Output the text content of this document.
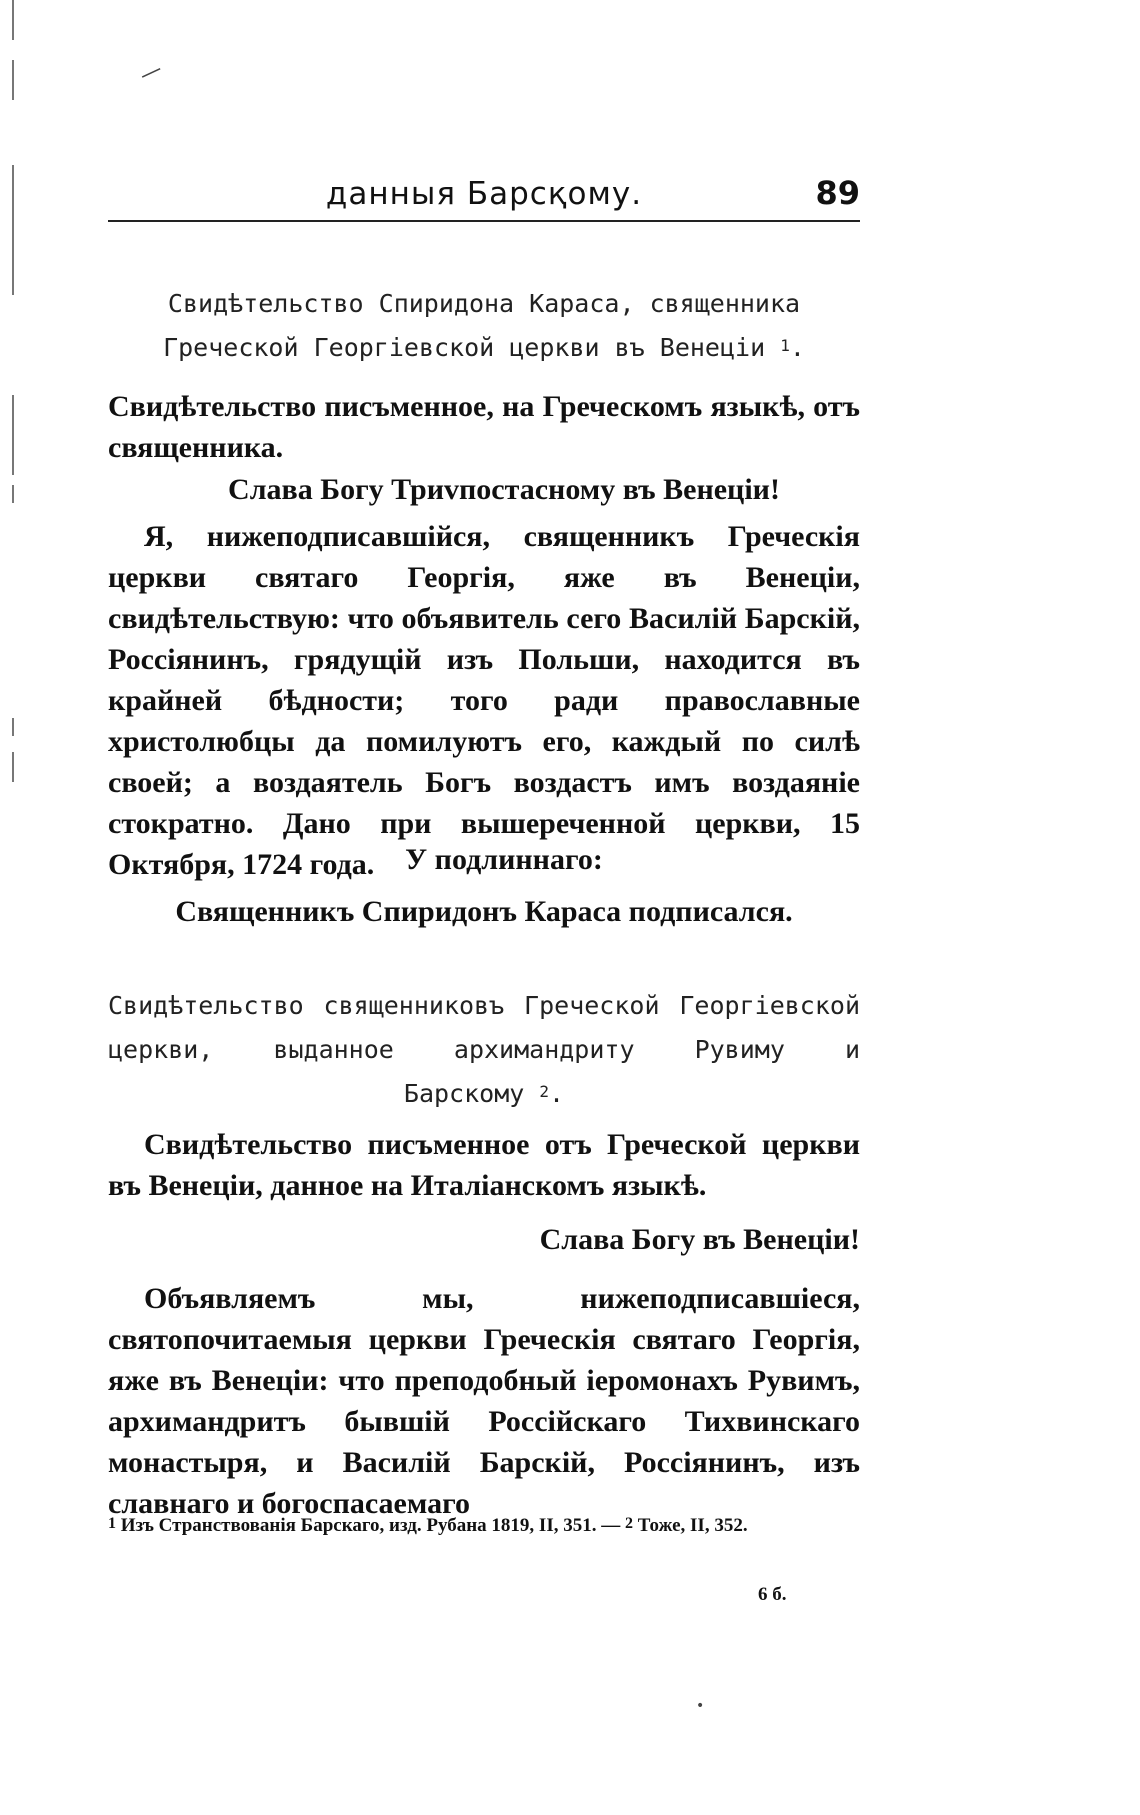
—
•
данныя Барсқому.	89
Свидѣтельство Спиридона Караса, священника
Греческой Георгіевской церкви въ Венеціи $^1$.
Свидѣтельство писъменное, на Греческомъ языкѣ, отъ священника.
Слава Богу Триvпостасному въ Венеціи!
Я, нижеподписавшійся, священникъ Греческія церкви святаго Георгія, яже въ Венеціи, свидѣтельствую: что объявитель сего Василій Барскій, Россіянинъ, грядущій изъ Польши, находится въ крайней бѣдности; того ради православные христолюбцы да помилуютъ его, каждый по силѣ своей; а воздаятель Богъ воздастъ имъ воздаяніе стократно. Дано при вышереченной церкви, 15 Октября, 1724 года.	У подлиннаго:
Священникъ Спиридонъ Караса подписался.
Свидѣтельство священниковъ Греческой Георгіевской церкви, выданное архимандриту Рувиму и
Барскому $^2$.
Свидѣтельство писъменное отъ Греческой церкви въ Венеціи, данное на Италіанскомъ языкѣ.
Слава Богу въ Венеціи!
Объявляемъ мы, нижеподписавшіеся, святопочитаемыя церкви Греческія святаго Георгія, яже въ Венеціи: что преподобный іеромонахъ Рувимъ, архимандритъ бывшій Россійскаго Тихвинскаго монастыря, и Василій Барскій, Россіянинъ, изъ славнаго и богоспасаемаго
$^1$ Изъ Странствованія Барскаго, изд. Рубана 1819, II, 351. — $^2$ Тоже, II, 352.
6 б.
